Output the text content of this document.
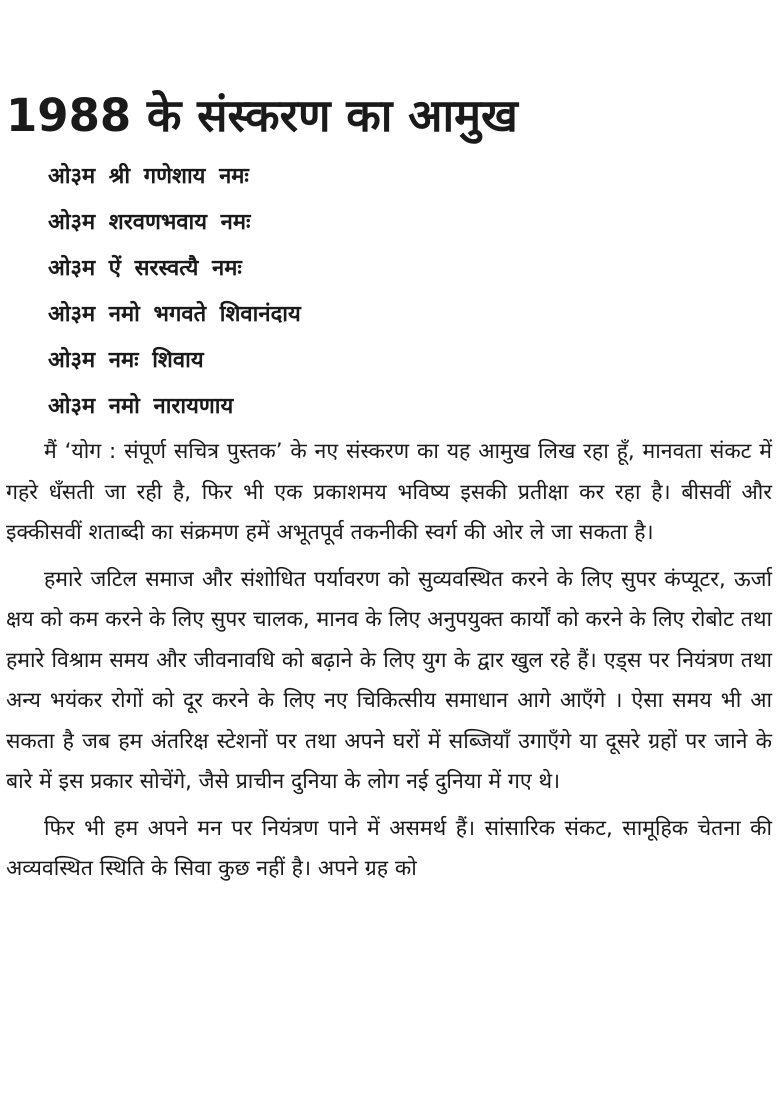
1988 के संस्करण का आमुख
ओ३म श्री गणेशाय नमः
ओ३म शरवणभवाय नमः
ओ३म ऐं सरस्वत्यै नमः
ओ३म नमो भगवते शिवानंदाय
ओ३म नमः शिवाय
ओ३म नमो नारायणाय

मैं ‘योग : संपूर्ण सचित्र पुस्तक’ के नए संस्करण का यह आमुख लिख रहा हूँ, मानवता संकट में गहरे धँसती जा रही है, फिर भी एक प्रकाशमय भविष्य इसकी प्रतीक्षा कर रहा है। बीसवीं और इक्कीसवीं शताब्दी का संक्रमण हमें अभूतपूर्व तकनीकी स्वर्ग की ओर ले जा सकता है।

हमारे जटिल समाज और संशोधित पर्यावरण को सुव्यवस्थित करने के लिए सुपर कंप्यूटर, ऊर्जा क्षय को कम करने के लिए सुपर चालक, मानव के लिए अनुपयुक्त कार्यों को करने के लिए रोबोट तथा हमारे विश्राम समय और जीवनावधि को बढ़ाने के लिए युग के द्वार खुल रहे हैं। एड्स पर नियंत्रण तथा अन्य भयंकर रोगों को दूर करने के लिए नए चिकित्सीय समाधान आगे आएँगे । ऐसा समय भी आ सकता है जब हम अंतरिक्ष स्टेशनों पर तथा अपने घरों में सब्जियाँ उगाएँगे या दूसरे ग्रहों पर जाने के बारे में इस प्रकार सोचेंगे, जैसे प्राचीन दुनिया के लोग नई दुनिया में गए थे।

फिर भी हम अपने मन पर नियंत्रण पाने में असमर्थ हैं। सांसारिक संकट, सामूहिक चेतना की अव्यवस्थित स्थिति के सिवा कुछ नहीं है। अपने ग्रह को
